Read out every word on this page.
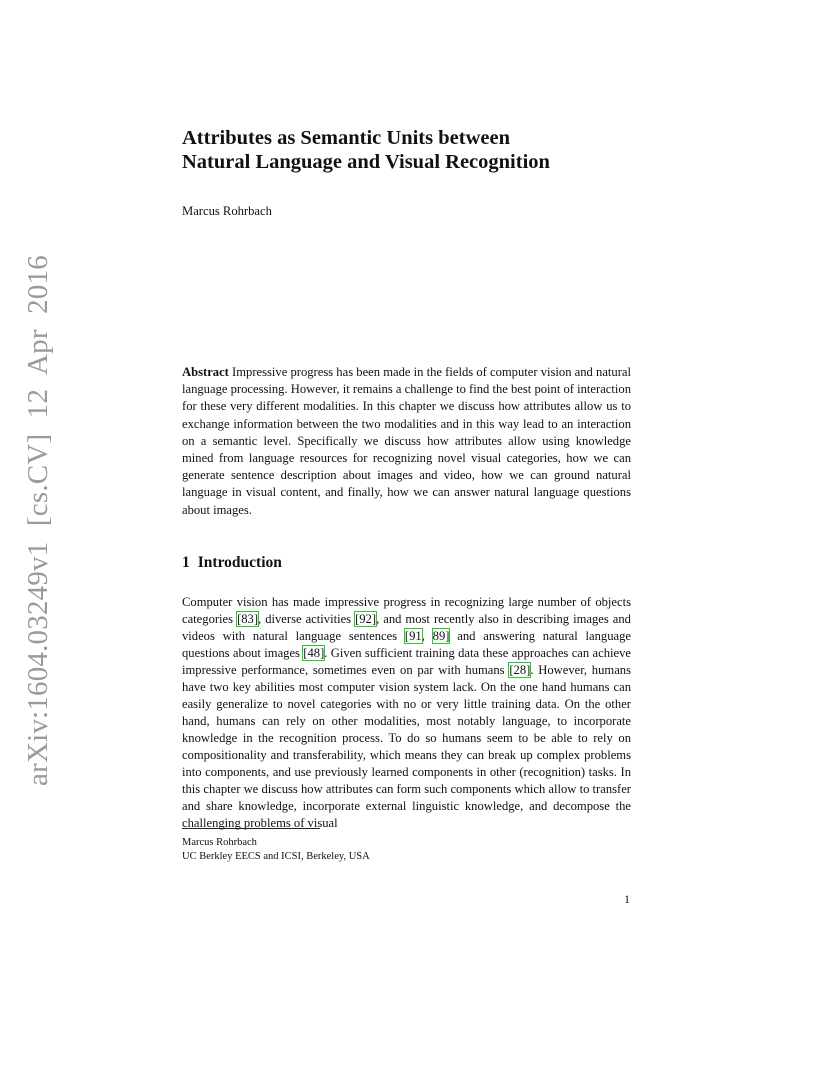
arXiv:1604.03249v1 [cs.CV] 12 Apr 2016
Attributes as Semantic Units between
Natural Language and Visual Recognition

Marcus Rohrbach

Abstract Impressive progress has been made in the fields of computer vision and natural language processing. However, it remains a challenge to find the best point of interaction for these very different modalities. In this chapter we discuss how attributes allow us to exchange information between the two modalities and in this way lead to an interaction on a semantic level. Specifically we discuss how attributes allow using knowledge mined from language resources for recognizing novel visual categories, how we can generate sentence description about images and video, how we can ground natural language in visual content, and finally, how we can answer natural language questions about images.
1 Introduction
Computer vision has made impressive progress in recognizing large number of objects categories [83], diverse activities [92], and most recently also in describing images and videos with natural language sentences [91, 89] and answering natural language questions about images [48]. Given sufficient training data these approaches can achieve impressive performance, sometimes even on par with humans [28]. However, humans have two key abilities most computer vision system lack. On the one hand humans can easily generalize to novel categories with no or very little training data. On the other hand, humans can rely on other modalities, most notably language, to incorporate knowledge in the recognition process. To do so humans seem to be able to rely on compositionality and transferability, which means they can break up complex problems into components, and use previously learned components in other (recognition) tasks. In this chapter we discuss how attributes can form such components which allow to transfer and share knowledge, incorporate external linguistic knowledge, and decompose the challenging problems of visual
Marcus Rohrbach
UC Berkley EECS and ICSI, Berkeley, USA
1
